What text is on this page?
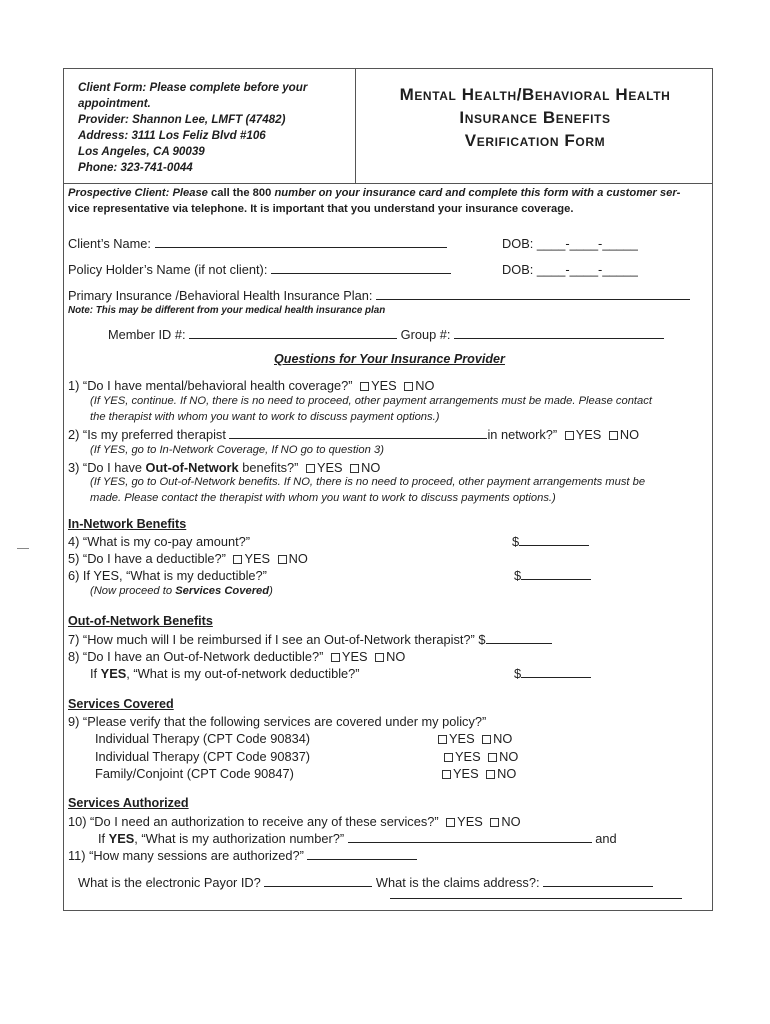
Client Form: Please complete before your
appointment.
Provider: Shannon Lee, LMFT (47482)
Address: 3111 Los Feliz Blvd #106
Los Angeles, CA 90039
Phone: 323-741-0044
Mental Health/Behavioral Health
Insurance Benefits
Verification Form
Prospective Client: Please call the 800 number on your insurance card and complete this form with a customer ser-
vice representative via telephone. It is important that you understand your insurance coverage.
Client’s Name:	DOB: ____-____-_____
Policy Holder’s Name (if not client):	DOB: ____-____-_____
Primary Insurance /Behavioral Health Insurance Plan:
Note: This may be different from your medical health insurance plan
Member ID #:	Group #:
Questions for Your Insurance Provider
1) “Do I have mental/behavioral health coverage?” YES NO
(If YES, continue. If NO, there is no need to proceed, other payment arrangements must be made. Please contact
the therapist with whom you want to work to discuss payment options.)
2) “Is my preferred therapist	in network?” YES NO
(If YES, go to In-Network Coverage, If NO go to question 3)
3) “Do I have Out-of-Network benefits?” YES NO
(If YES, go to Out-of-Network benefits. If NO, there is no need to proceed, other payment arrangements must be
made. Please contact the therapist with whom you want to work to discuss payments options.)
In-Network Benefits
4) “What is my co-pay amount?”	$
5) “Do I have a deductible?” YES NO
6) If YES, “What is my deductible?”	$
(Now proceed to Services Covered)
Out-of-Network Benefits
7) “How much will I be reimbursed if I see an Out-of-Network therapist?” $
8) “Do I have an Out-of-Network deductible?” YES NO
If YES, “What is my out-of-network deductible?”	$
Services Covered
9) “Please verify that the following services are covered under my policy?”
Individual Therapy (CPT Code 90834)	YES NO
Individual Therapy (CPT Code 90837)	YES NO
Family/Conjoint (CPT Code 90847)	YES NO
Services Authorized
10) “Do I need an authorization to receive any of these services?” YES NO
If YES, “What is my authorization number?”	and
11) “How many sessions are authorized?”
What is the electronic Payor ID?	What is the claims address?:
